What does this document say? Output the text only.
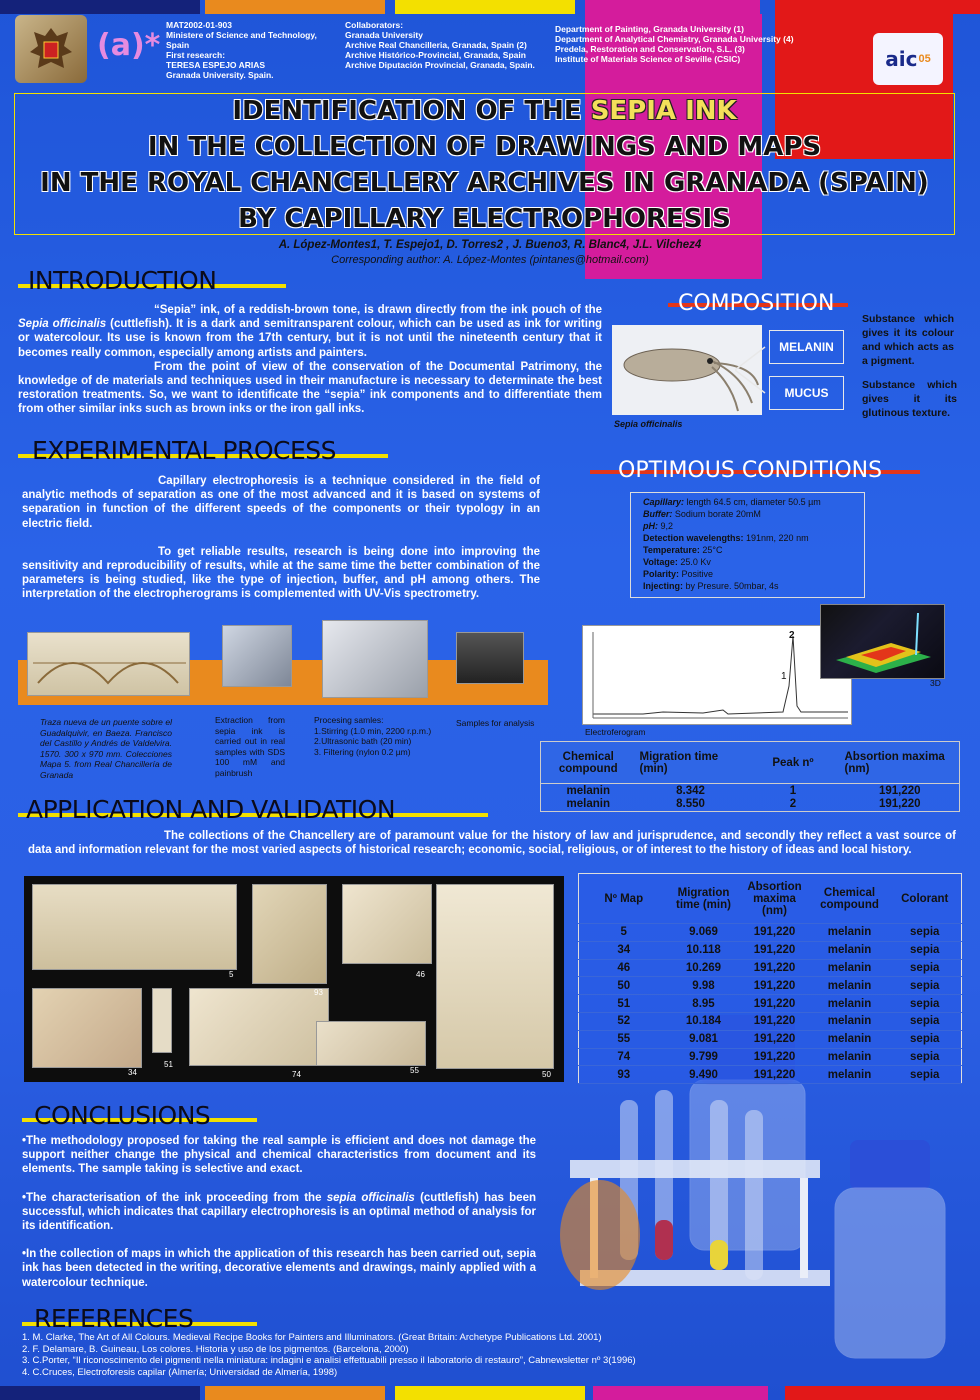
(a)*
MAT2002-01-903
Ministere of Science and Technology,
Spain
First research:
TERESA ESPEJO ARIAS
Granada University. Spain.
Collaborators:
Granada University
Archive Real Chancilleria, Granada, Spain (2)
Archive Histórico-Provincial, Granada, Spain
Archive Diputación Provincial, Granada, Spain.
Department of Painting, Granada University (1)
Department of Analytical Chemistry, Granada University (4)
Predela, Restoration and Conservation, S.L. (3)
Institute of Materials Science of Seville (CSIC)	aic 05
IDENTIFICATION OF THE SEPIA INK
IN THE COLLECTION OF DRAWINGS AND MAPS
IN THE ROYAL CHANCELLERY ARCHIVES IN GRANADA (SPAIN)
BY CAPILLARY ELECTROPHORESIS
A. López-Montes1, T. Espejo1, D. Torres2 , J. Bueno3, R. Blanc4, J.L. Vilchez4
Corresponding author: A. López-Montes (pintanes@hotmail.com)
INTRODUCTION

“Sepia” ink, of a reddish-brown tone, is drawn directly from the ink pouch of the Sepia officinalis (cuttlefish). It is a dark and semitransparent colour, which can be used as ink for writing or watercolour. Its use is known from the 17th century, but it is not until the nineteenth century that it becomes really common, especially among artists and painters.

From the point of view of the conservation of the Documental Patrimony, the knowledge of de materials and techniques used in their manufacture is necessary to determinate the best restoration treatments. So, we want to identificate the “sepia” ink components and to differentiate them from other similar inks such as brown inks or the iron gall inks.

COMPOSITION
Sepia officinalis
MELANIN
MUCUS
Substance which gives it its colour and which acts as a pigment.
Substance which gives it its glutinous texture.
EXPERIMENTAL PROCESS

Capillary electrophoresis is a technique considered in the field of analytic methods of separation as one of the most advanced and it is based on systems of separation in function of the different speeds of the components or their typology in an electric field.

To get reliable results, research is being done into improving the sensitivity and reproducibility of results, while at the same time the better combination of the parameters is being studied, like the type of injection, buffer, and pH among others. The interpretation of the electropherograms is complemented with UV-Vis spectrometry.

Traza nueva de un puente sobre el Guadalquivir, en Baeza. Francisco del Castillo y Andrés de Valdelvira. 1570. 300 x 970 mm. Colecciones Mapa 5. from Real Chancillería de Granada
Extraction from sepia ink is carried out in real samples with SDS 100 mM and painbrush
Procesing samles:
1.Stirring (1.0 min, 2200 r.p.m.)
2.Ultrasonic bath (20 min)
3. Filtering (nylon 0.2 µm)
Samples for analysis
OPTIMOUS CONDITIONS
Capillary: length 64.5 cm, diameter 50.5 µm
Buffer: Sodium borate 20mM
pH: 9,2
Detection wavelengths: 191nm, 220 nm
Temperature: 25°C
Voltage: 25.0 Kv
Polarity: Positive
Injecting: by Presure. 50mbar, 4s
2
1
Electroferogram
3D
Chemical compound	Migration time (min)	Peak nº	Absortion maxima (nm)
melanin	8.342	1	191,220
melanin	8.550	2	191,220
APPLICATION AND VALIDATION
The collections of the Chancellery are of paramount value for the history of law and jurisprudence, and secondly they reflect a vast source of data and information relevant for the most varied aspects of historical research; economic, social, religious, or of interest to the history of ideas and local history.
5
93
46
34
51
74	55	50
Nº Map	Migration time (min)	Absortion maxima (nm)	Chemical compound	Colorant
5	9.069	191,220	melanin	sepia
34	10.118	191,220	melanin	sepia
46	10.269	191,220	melanin	sepia
50	9.98	191,220	melanin	sepia
51	8.95	191,220	melanin	sepia
52	10.184	191,220	melanin	sepia
55	9.081	191,220	melanin	sepia
74	9.799	191,220	melanin	sepia
93	9.490	191,220	melanin	sepia
CONCLUSIONS

•The methodology proposed for taking the real sample is efficient and does not damage the support neither change the physical and chemical characteristics from document and its elements. The sample taking is selective and exact.

•The characterisation of the ink proceeding from the sepia officinalis (cuttlefish) has been successful, which indicates that capillary electrophoresis is an optimal method of analysis for its identification.

•In the collection of maps in which the application of this research has been carried out, sepia ink has been detected in the writing, decorative elements and drawings, mainly applied with a watercolour technique.

REFERENCES
1. M. Clarke, The Art of All Colours. Medieval Recipe Books for Painters and Illuminators. (Great Britain: Archetype Publications Ltd. 2001)
2. F. Delamare, B. Guineau, Los colores. Historia y uso de los pigmentos. (Barcelona, 2000)
3. C.Porter, “Il riconoscimento dei pigmenti nella miniatura: indagini e analisi effettuabili presso il laboratorio di restauro”, Cabnewsletter nº 3(1996)
4. C.Cruces, Electroforesis capilar (Almería; Universidad de Almería, 1998)
